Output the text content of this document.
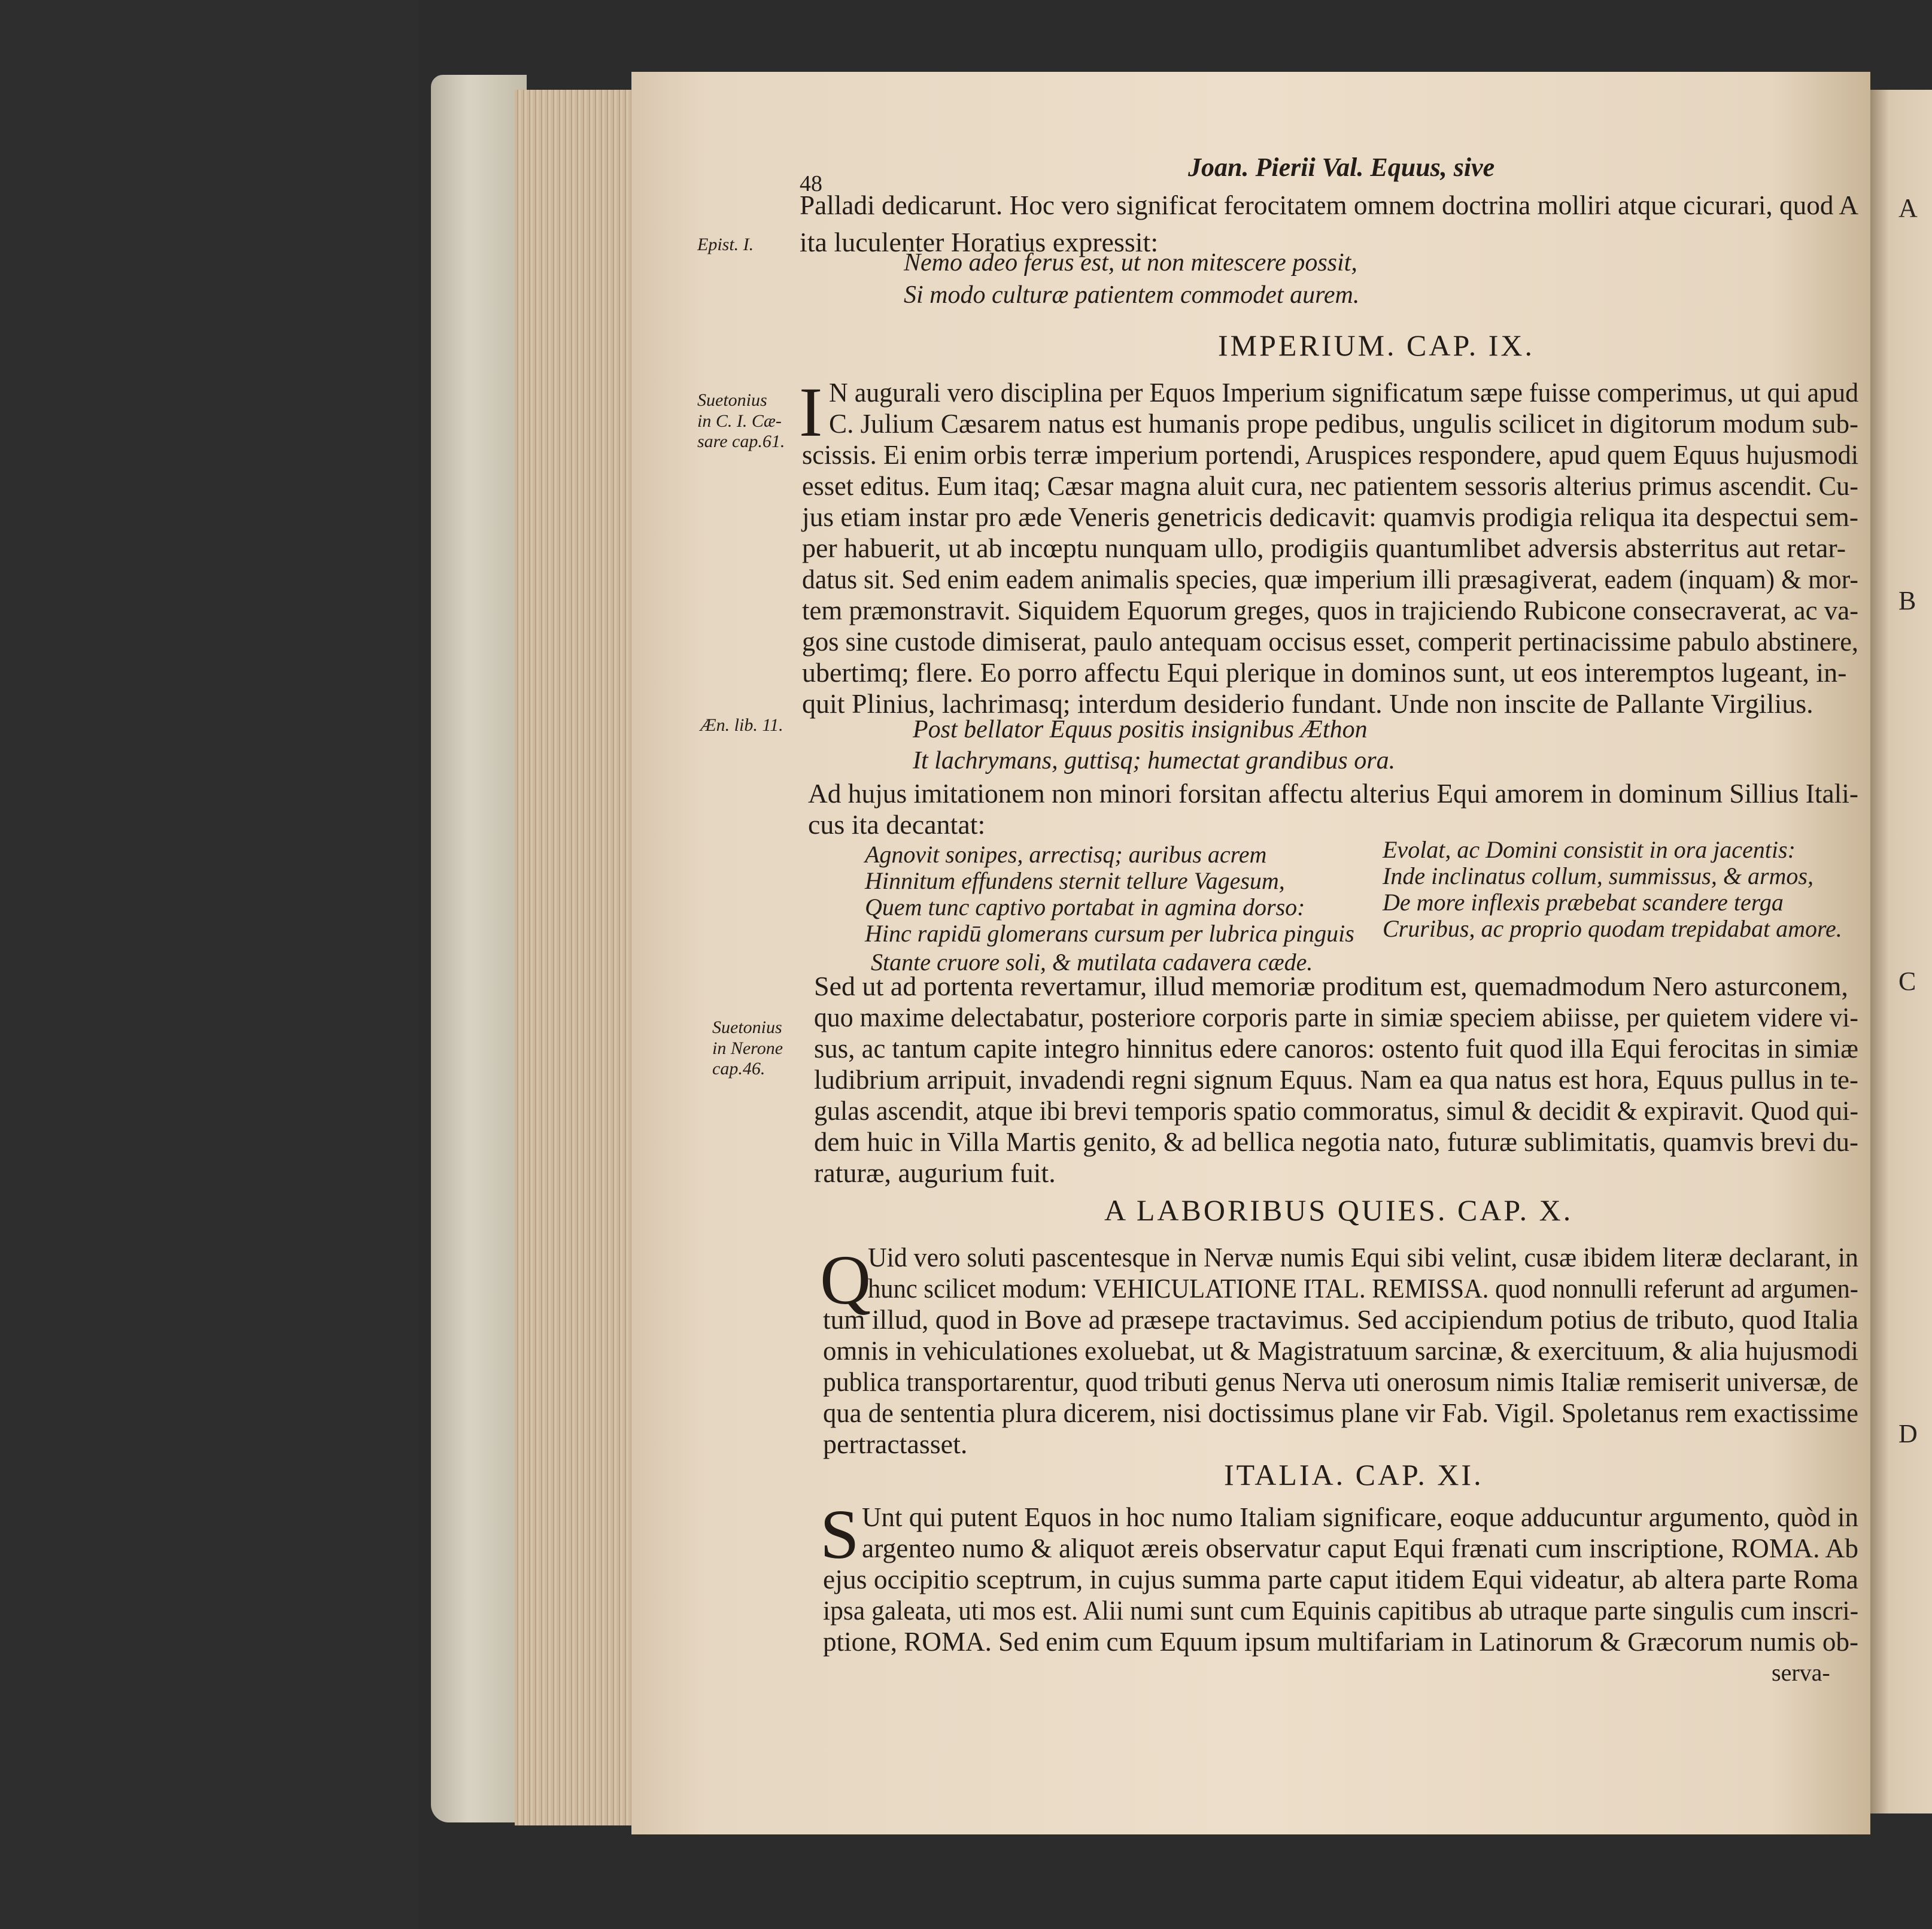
A
B
C
D
48
Joan. Pierii Val. Equus, sive
Palladi dedicarunt. Hoc vero significat ferocitatem omnem doctrina molliri atque cicurari, quod A
ita luculenter Horatius expressit:
Epist. I.
Nemo adeo ferus est, ut non mitescere possit,
Si modo culturæ patientem commodet aurem.
IMPERIUM. CAP. IX.
I
Suetonius
in C. I. Cæ-
sare cap.61.
N augurali vero disciplina per Equos Imperium significatum sæpe fuisse comperimus, ut qui apud
C. Julium Cæsarem natus est humanis prope pedibus, ungulis scilicet in digitorum modum sub-
scissis. Ei enim orbis terræ imperium portendi, Aruspices respondere, apud quem Equus hujusmodi
esset editus. Eum itaq; Cæsar magna aluit cura, nec patientem sessoris alterius primus ascendit. Cu-
jus etiam instar pro æde Veneris genetricis dedicavit: quamvis prodigia reliqua ita despectui sem-
per habuerit, ut ab incœptu nunquam ullo, prodigiis quantumlibet adversis absterritus aut retar-
datus sit. Sed enim eadem animalis species, quæ imperium illi præsagiverat, eadem (inquam) & mor-
tem præmonstravit. Siquidem Equorum greges, quos in trajiciendo Rubicone consecraverat, ac va-
gos sine custode dimiserat, paulo antequam occisus esset, comperit pertinacissime pabulo abstinere,
ubertimq; flere. Eo porro affectu Equi plerique in dominos sunt, ut eos interemptos lugeant, in-
quit Plinius, lachrimasq; interdum desiderio fundant. Unde non inscite de Pallante Virgilius.
Æn. lib. 11.	Post bellator Equus positis insignibus Æthon
It lachrymans, guttisq; humectat grandibus ora.
Ad hujus imitationem non minori forsitan affectu alterius Equi amorem in dominum Sillius Itali-
cus ita decantat:
Agnovit sonipes, arrectisq; auribus acrem
Hinnitum effundens sternit tellure Vagesum,
Quem tunc captivo portabat in agmina dorso:
Hinc rapidū glomerans cursum per lubrica pinguis
Stante cruore soli, & mutilata cadavera cæde.
Evolat, ac Domini consistit in ora jacentis:
Inde inclinatus collum, summissus, & armos,
De more inflexis præbebat scandere terga
Cruribus, ac proprio quodam trepidabat amore.
Suetonius
in Nerone
cap.46.
Sed ut ad portenta revertamur, illud memoriæ proditum est, quemadmodum Nero asturconem,
quo maxime delectabatur, posteriore corporis parte in simiæ speciem abiisse, per quietem videre vi-
sus, ac tantum capite integro hinnitus edere canoros: ostento fuit quod illa Equi ferocitas in simiæ
ludibrium arripuit, invadendi regni signum Equus. Nam ea qua natus est hora, Equus pullus in te-
gulas ascendit, atque ibi brevi temporis spatio commoratus, simul & decidit & expiravit. Quod qui-
dem huic in Villa Martis genito, & ad bellica negotia nato, futuræ sublimitatis, quamvis brevi du-
raturæ, augurium fuit.
A LABORIBUS QUIES. CAP. X.
Q
Uid vero soluti pascentesque in Nervæ numis Equi sibi velint, cusæ ibidem literæ declarant, in
hunc scilicet modum: VEHICULATIONE ITAL. REMISSA. quod nonnulli referunt ad argumen-
tum illud, quod in Bove ad præsepe tractavimus. Sed accipiendum potius de tributo, quod Italia
omnis in vehiculationes exoluebat, ut & Magistratuum sarcinæ, & exercituum, & alia hujusmodi
publica transportarentur, quod tributi genus Nerva uti onerosum nimis Italiæ remiserit universæ, de
qua de sententia plura dicerem, nisi doctissimus plane vir Fab. Vigil. Spoletanus rem exactissime
pertractasset.
ITALIA. CAP. XI.
S Unt qui putent Equos in hoc numo Italiam significare, eoque adducuntur argumento, quòd in
argenteo numo & aliquot æreis observatur caput Equi frænati cum inscriptione, ROMA. Ab
ejus occipitio sceptrum, in cujus summa parte caput itidem Equi videatur, ab altera parte Roma
ipsa galeata, uti mos est. Alii numi sunt cum Equinis capitibus ab utraque parte singulis cum inscri-
ptione, ROMA. Sed enim cum Equum ipsum multifariam in Latinorum & Græcorum numis ob-
serva-
